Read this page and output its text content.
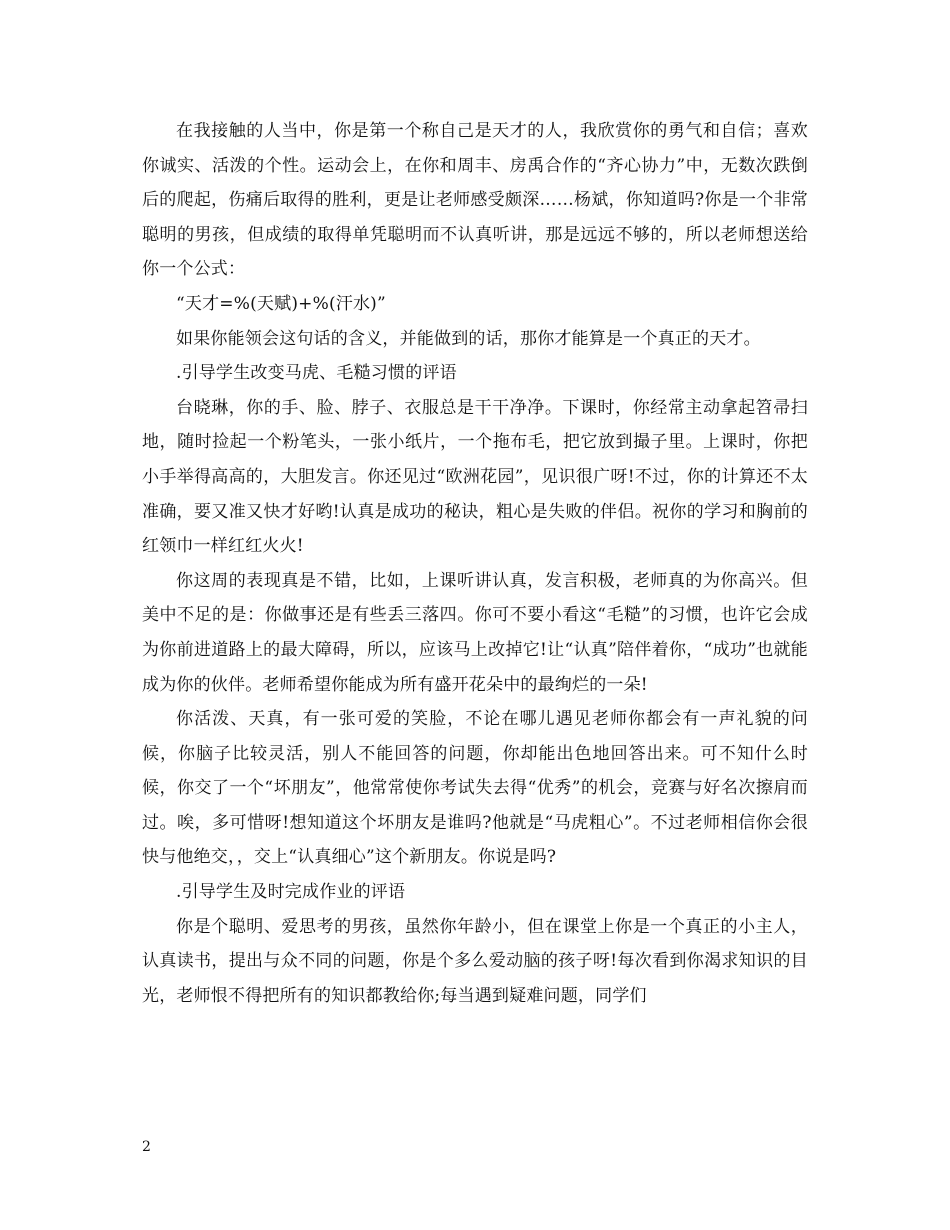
在我接触的人当中，你是第一个称自己是天才的人，我欣赏你的勇气和自信；喜欢你诚实、活泼的个性。运动会上，在你和周丰、房禹合作的“齐心协力”中，无数次跌倒后的爬起，伤痛后取得的胜利，更是让老师感受颇深……杨斌，你知道吗?你是一个非常聪明的男孩，但成绩的取得单凭聪明而不认真听讲，那是远远不够的，所以老师想送给你一个公式：

“天才=%(天赋)+%(汗水)”

如果你能领会这句话的含义，并能做到的话，那你才能算是一个真正的天才。

.引导学生改变马虎、毛糙习惯的评语

台晓琳，你的手、脸、脖子、衣服总是干干净净。下课时，你经常主动拿起笤帚扫地，随时捡起一个粉笔头，一张小纸片，一个拖布毛，把它放到撮子里。上课时，你把小手举得高高的，大胆发言。你还见过“欧洲花园”，见识很广呀!不过，你的计算还不太准确，要又准又快才好哟!认真是成功的秘诀，粗心是失败的伴侣。祝你的学习和胸前的红领巾一样红红火火!

你这周的表现真是不错，比如，上课听讲认真，发言积极，老师真的为你高兴。但美中不足的是：你做事还是有些丢三落四。你可不要小看这“毛糙”的习惯，也许它会成为你前进道路上的最大障碍，所以，应该马上改掉它!让“认真”陪伴着你，“成功”也就能成为你的伙伴。老师希望你能成为所有盛开花朵中的最绚烂的一朵!

你活泼、天真，有一张可爱的笑脸，不论在哪儿遇见老师你都会有一声礼貌的问候，你脑子比较灵活，别人不能回答的问题，你却能出色地回答出来。可不知什么时候，你交了一个“坏朋友”，他常常使你考试失去得“优秀”的机会，竞赛与好名次擦肩而过。唉，多可惜呀!想知道这个坏朋友是谁吗?他就是“马虎粗心”。不过老师相信你会很快与他绝交，，交上“认真细心”这个新朋友。你说是吗?

.引导学生及时完成作业的评语

你是个聪明、爱思考的男孩，虽然你年龄小，但在课堂上你是一个真正的小主人，认真读书，提出与众不同的问题，你是个多么爱动脑的孩子呀!每次看到你渴求知识的目光，老师恨不得把所有的知识都教给你;每当遇到疑难问题，同学们

2
